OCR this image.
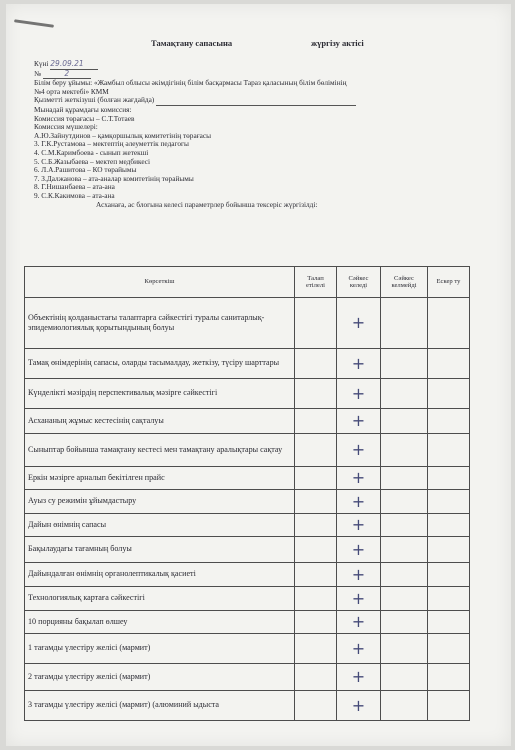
Тамақтану сапасына	жүргізу актісі
Күні 29.09.21
№	2
Білім беру ұйымы: «Жамбыл облысы әкімдігінің білім басқармасы Тараз қаласының білім бөлімінің
№4 орта мектебі» КММ
Қызметті жеткізуші (болған жағдайда)
Мынадай құрамдағы комиссия:
Комиссия төрағасы – С.Т.Тотаев
Комиссия мүшелері:
А.Ю.Зайнутдинов – қамқоршылық комитетінің төрағасы
3. Г.К.Рустамова – мектептің әлеуметтік педагогы
4. С.М.Каримбоева - сынып жетекші
5. С.Б.Жазыбаева – мектеп медбикесі
6. Л.А.Рашитова – КО төрайымы
7. З.Далжанова – ата-аналар комитетінің төрайымы
8. Г.Нишанбаева – ата-ана
9. С.К.Какимова – ата-ана
Асханаға, ас блогына келесі параметрлер бойынша тексеріс жүргізілді:
Көрсеткіш	Талап етілелі	Сәйкес келеді	Сәйкес келмейді	Ескер ту
Объектінің қолданыстағы талаптарға сәйкестігі туралы санитарлық-эпидемиологиялық қорытындының болуы		+		
Тамақ өнімдерінің сапасы, оларды тасымалдау, жеткізу, түсіру шарттары		+		
Күнделікті мәзірдің перспективалық мәзірге сәйкестігі		+		
Асхананың жұмыс кестесінің сақталуы		+		
Сыныптар бойынша тамақтану кестесі мен тамақтану аралықтары сақтау		+		
Еркін мәзірге арналып бекітілген прайс		+		
Ауыз су режимін ұйымдастыру		+		
Дайын өнімнің сапасы		+		
Бақылаудағы тағамның болуы		+		
Дайындалған өнімнің органолептикалық қасиеті		+		
Технологиялық картаға сәйкестігі		+		
10 порцияны бақылап өлшеу		+		
1 тағамды үлестіру желісі (мармит)		+		
2 тағамды үлестіру желісі (мармит)		+		
3 тағамды үлестіру желісі (мармит) (алюминий ыдыста		+		
